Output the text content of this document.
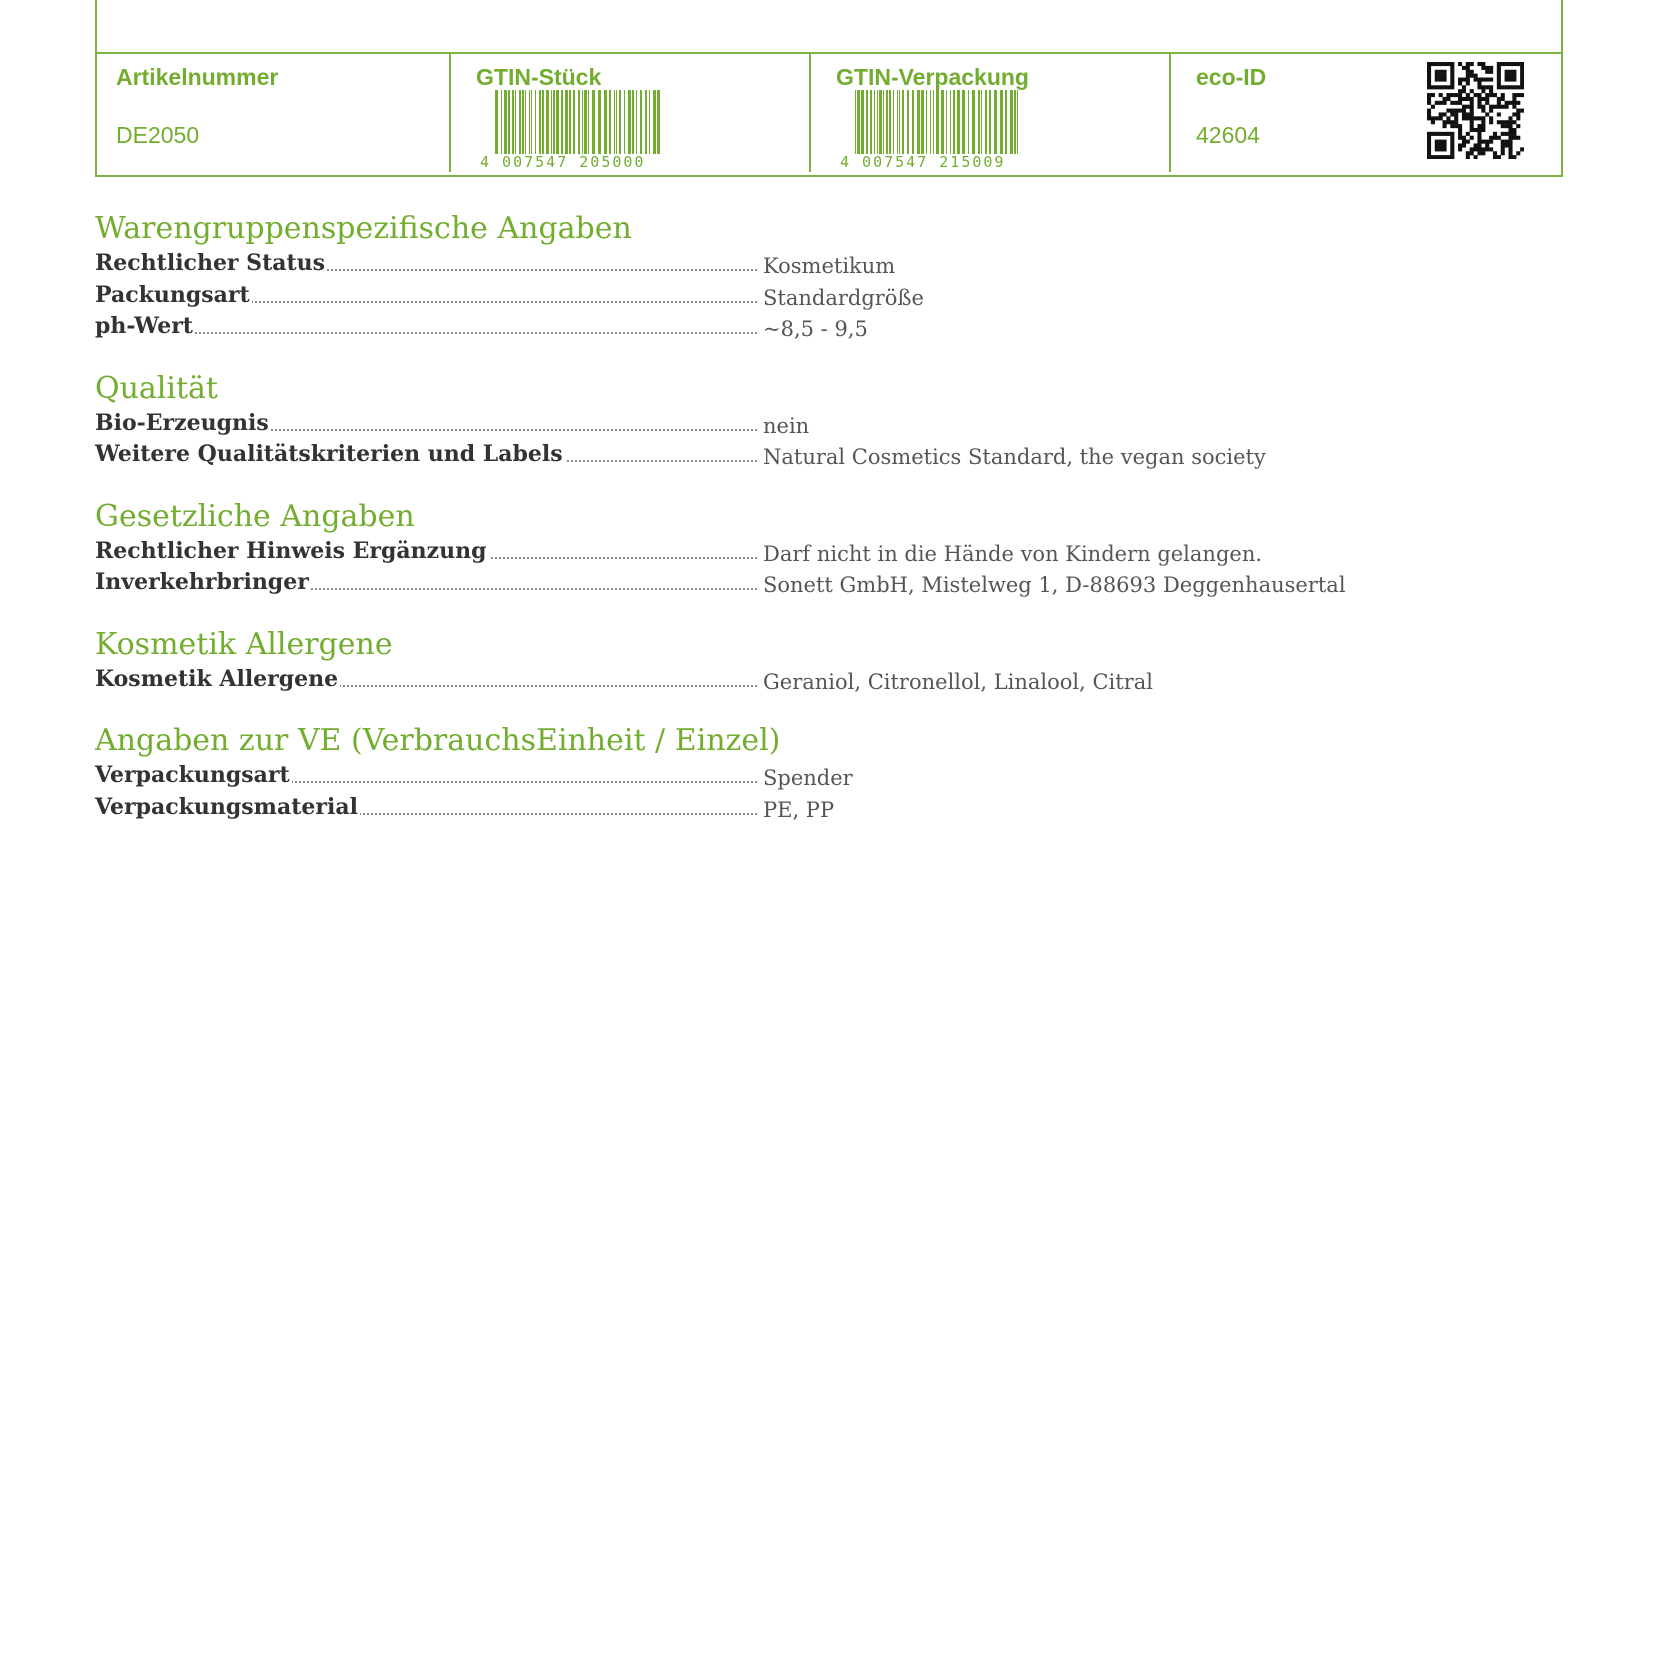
Artikelnummer
DE2050
GTIN-Stück
4 007547 205000
GTIN-Verpackung
4 007547 215009
eco-ID
42604
Warengruppenspezifische Angaben
Rechtlicher Status	Kosmetikum
Packungsart	Standardgröße
ph-Wert	~8,5 - 9,5
Qualität
Bio-Erzeugnis	nein
Weitere Qualitätskriterien und Labels	Natural Cosmetics Standard, the vegan society
Gesetzliche Angaben
Rechtlicher Hinweis Ergänzung	Darf nicht in die Hände von Kindern gelangen.
Inverkehrbringer	Sonett GmbH, Mistelweg 1, D-88693 Deggenhausertal
Kosmetik Allergene
Kosmetik Allergene	Geraniol, Citronellol, Linalool, Citral
Angaben zur VE (VerbrauchsEinheit / Einzel)
Verpackungsart	Spender
Verpackungsmaterial	PE, PP
